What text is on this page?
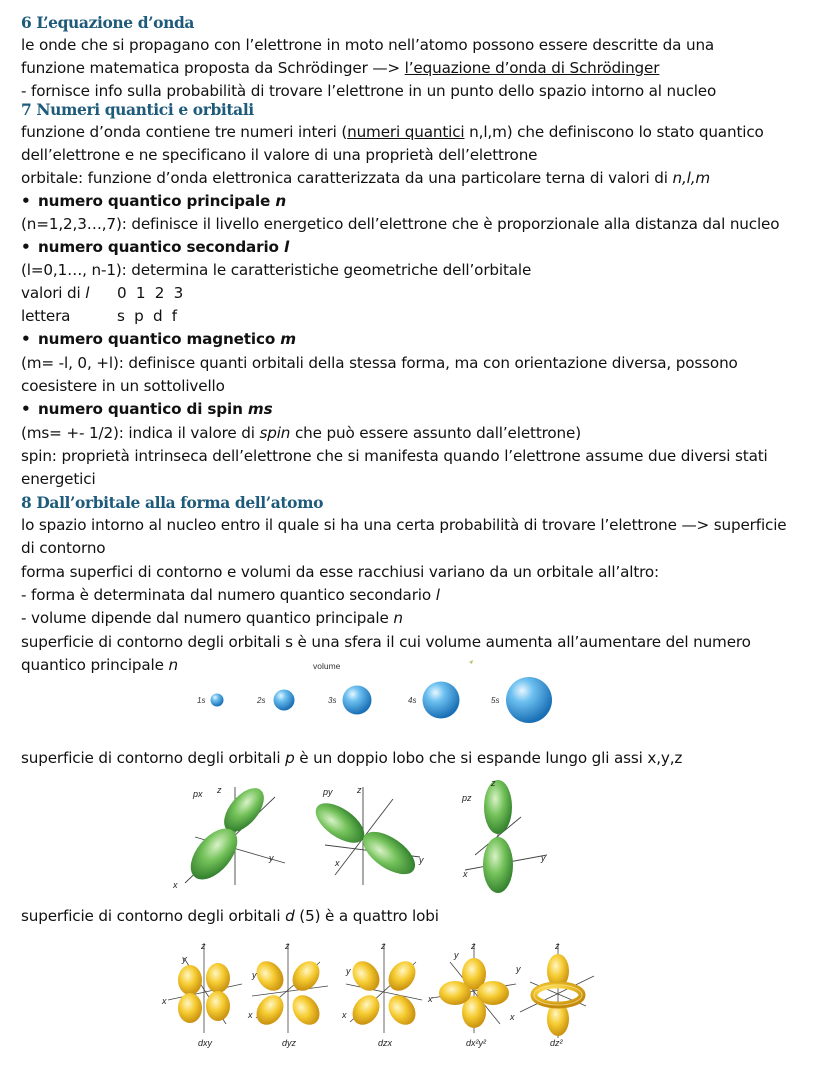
6 L’equazione d’onda
le onde che si propagano con l’elettrone in moto nell’atomo possono essere descritte da una
funzione matematica proposta da Schrödinger —> l’equazione d’onda di Schrödinger
- fornisce info sulla probabilità di trovare l’elettrone in un punto dello spazio intorno al nucleo
7 Numeri quantici e orbitali
funzione d’onda contiene tre numeri interi (numeri quantici n,l,m) che definiscono lo stato quantico
dell’elettrone e ne specificano il valore di una proprietà dell’elettrone
orbitale: funzione d’onda elettronica caratterizzata da una particolare terna di valori di n,l,m
• numero quantico principale n
(n=1,2,3…,7): definisce il livello energetico dell’elettrone che è proporzionale alla distanza dal nucleo
• numero quantico secondario l
(l=0,1…, n-1): determina le caratteristiche geometriche dell’orbitale
valori di l 0  1  2  3
lettera	s  p  d  f
• numero quantico magnetico m
(m= -l, 0, +l): definisce quanti orbitali della stessa forma, ma con orientazione diversa, possono
coesistere in un sottolivello
• numero quantico di spin ms
(ms= +- 1/2): indica il valore di spin che può essere assunto dall’elettrone)
spin: proprietà intrinseca dell’elettrone che si manifesta quando l’elettrone assume due diversi stati
energetici
8 Dall’orbitale alla forma dell’atomo
lo spazio intorno al nucleo entro il quale si ha una certa probabilità di trovare l’elettrone —> superficie
di contorno
forma superfici di contorno e volumi da esse racchiusi variano da un orbitale all’altro:
- forma è determinata dal numero quantico secondario l
- volume dipende dal numero quantico principale n
superficie di contorno degli orbitali s è una sfera il cui volume aumenta all’aumentare del numero
quantico principale n	volume
1s	2s	3s	4s	5s
superficie di contorno degli orbitali p è un doppio lobo che si espande lungo gli assi x,y,z
px z
y
x
py	z
y
x
pz
z
y
x
superficie di contorno degli orbitali d (5) è a quattro lobi
z
y
x
dxy
z
y
x
dyz
z
y
x
dzx
z
y
x
dx²y²
z
y
x
dz²
